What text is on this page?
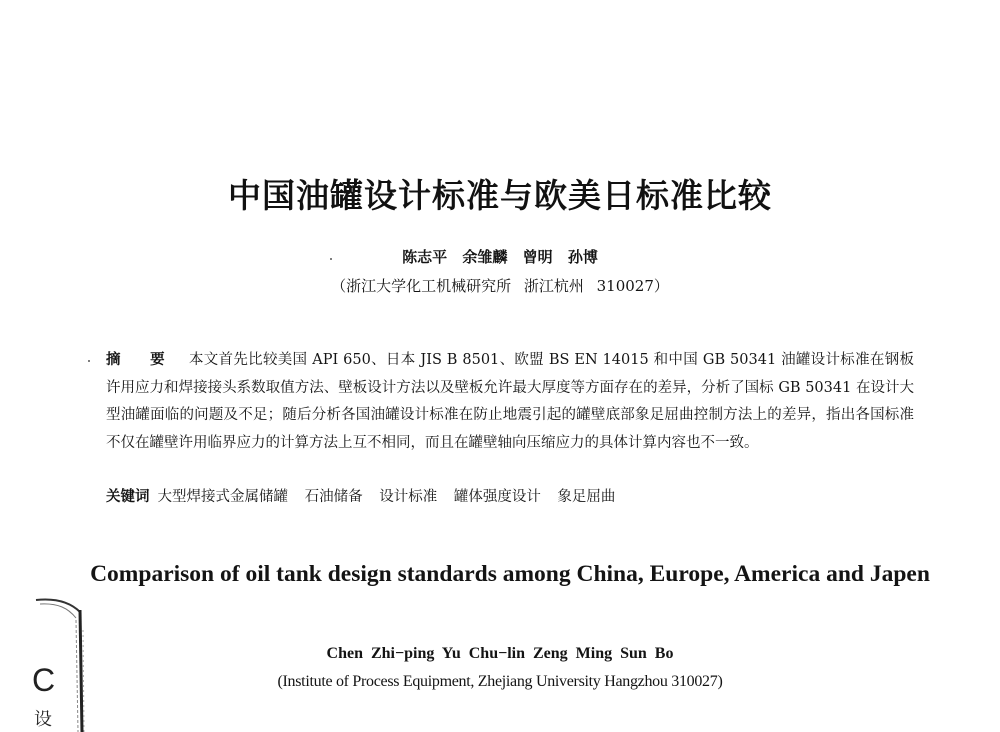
中国油罐设计标准与欧美日标准比较
陈志平 余雏麟 曾明 孙博
（浙江大学化工机械研究所 浙江杭州 310027）
摘 要 本文首先比较美国 API 650、日本 JIS B 8501、欧盟 BS EN 14015 和中国 GB 50341 油罐设计标准在钢板许用应力和焊接接头系数取值方法、壁板设计方法以及壁板允许最大厚度等方面存在的差异，分析了国标 GB 50341 在设计大型油罐面临的问题及不足；随后分析各国油罐设计标准在防止地震引起的罐壁底部象足屈曲控制方法上的差异，指出各国标准不仅在罐壁许用临界应力的计算方法上互不相同，而且在罐壁轴向压缩应力的具体计算内容也不一致。
关键词 大型焊接式金属储罐 石油储备 设计标准 罐体强度设计 象足屈曲
Comparison of oil tank design standards among China, Europe, America and Japen
Chen Zhi−ping Yu Chu−lin Zeng Ming Sun Bo
(Institute of Process Equipment, Zhejiang University Hangzhou 310027)
C
设
